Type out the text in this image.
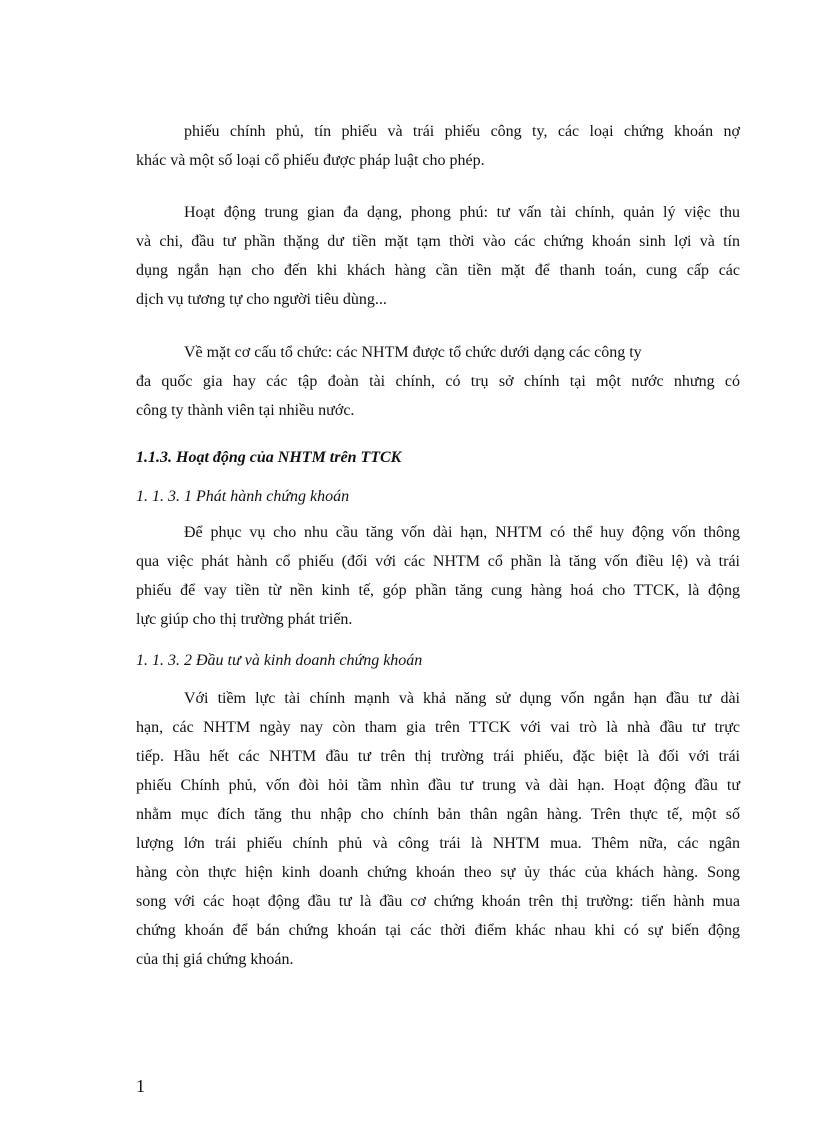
phiếu chính phủ, tín phiếu và trái phiếu công ty, các loại chứng khoán nợ
khác và một số loại cổ phiếu được pháp luật cho phép.
Hoạt động trung gian đa dạng, phong phú: tư vấn tài chính, quản lý việc thu
và chi, đầu tư phần thặng dư tiền mặt tạm thời vào các chứng khoán sinh lợi và tín
dụng ngắn hạn cho đến khi khách hàng cần tiền mặt để thanh toán, cung cấp các
dịch vụ tương tự cho người tiêu dùng...
Về mặt cơ cấu tổ chức: các NHTM được tổ chức dưới dạng các công ty
đa quốc gia hay các tập đoàn tài chính, có trụ sở chính tại một nước nhưng có
công ty thành viên tại nhiều nước.
1.1.3. Hoạt động của NHTM trên TTCK
1. 1. 3. 1 Phát hành chứng khoán
Để phục vụ cho nhu cầu tăng vốn dài hạn, NHTM có thể huy động vốn thông
qua việc phát hành cổ phiếu (đối với các NHTM cổ phần là tăng vốn điều lệ) và trái
phiếu để vay tiền từ nền kinh tế, góp phần tăng cung hàng hoá cho TTCK, là động
lực giúp cho thị trường phát triển.
1. 1. 3. 2 Đầu tư và kinh doanh chứng khoán
Với tiềm lực tài chính mạnh và khả năng sử dụng vốn ngắn hạn đầu tư dài
hạn, các NHTM ngày nay còn tham gia trên TTCK với vai trò là nhà đầu tư trực
tiếp. Hầu hết các NHTM đầu tư trên thị trường trái phiếu, đặc biệt là đối với trái
phiếu Chính phủ, vốn đòi hỏi tầm nhìn đầu tư trung và dài hạn. Hoạt động đầu tư
nhằm mục đích tăng thu nhập cho chính bản thân ngân hàng. Trên thực tế, một số
lượng lớn trái phiếu chính phủ và công trái là NHTM mua. Thêm nữa, các ngân
hàng còn thực hiện kinh doanh chứng khoán theo sự ủy thác của khách hàng. Song
song với các hoạt động đầu tư là đầu cơ chứng khoán trên thị trường: tiến hành mua
chứng khoán để bán chứng khoán tại các thời điểm khác nhau khi có sự biến động
của thị giá chứng khoán.
1
